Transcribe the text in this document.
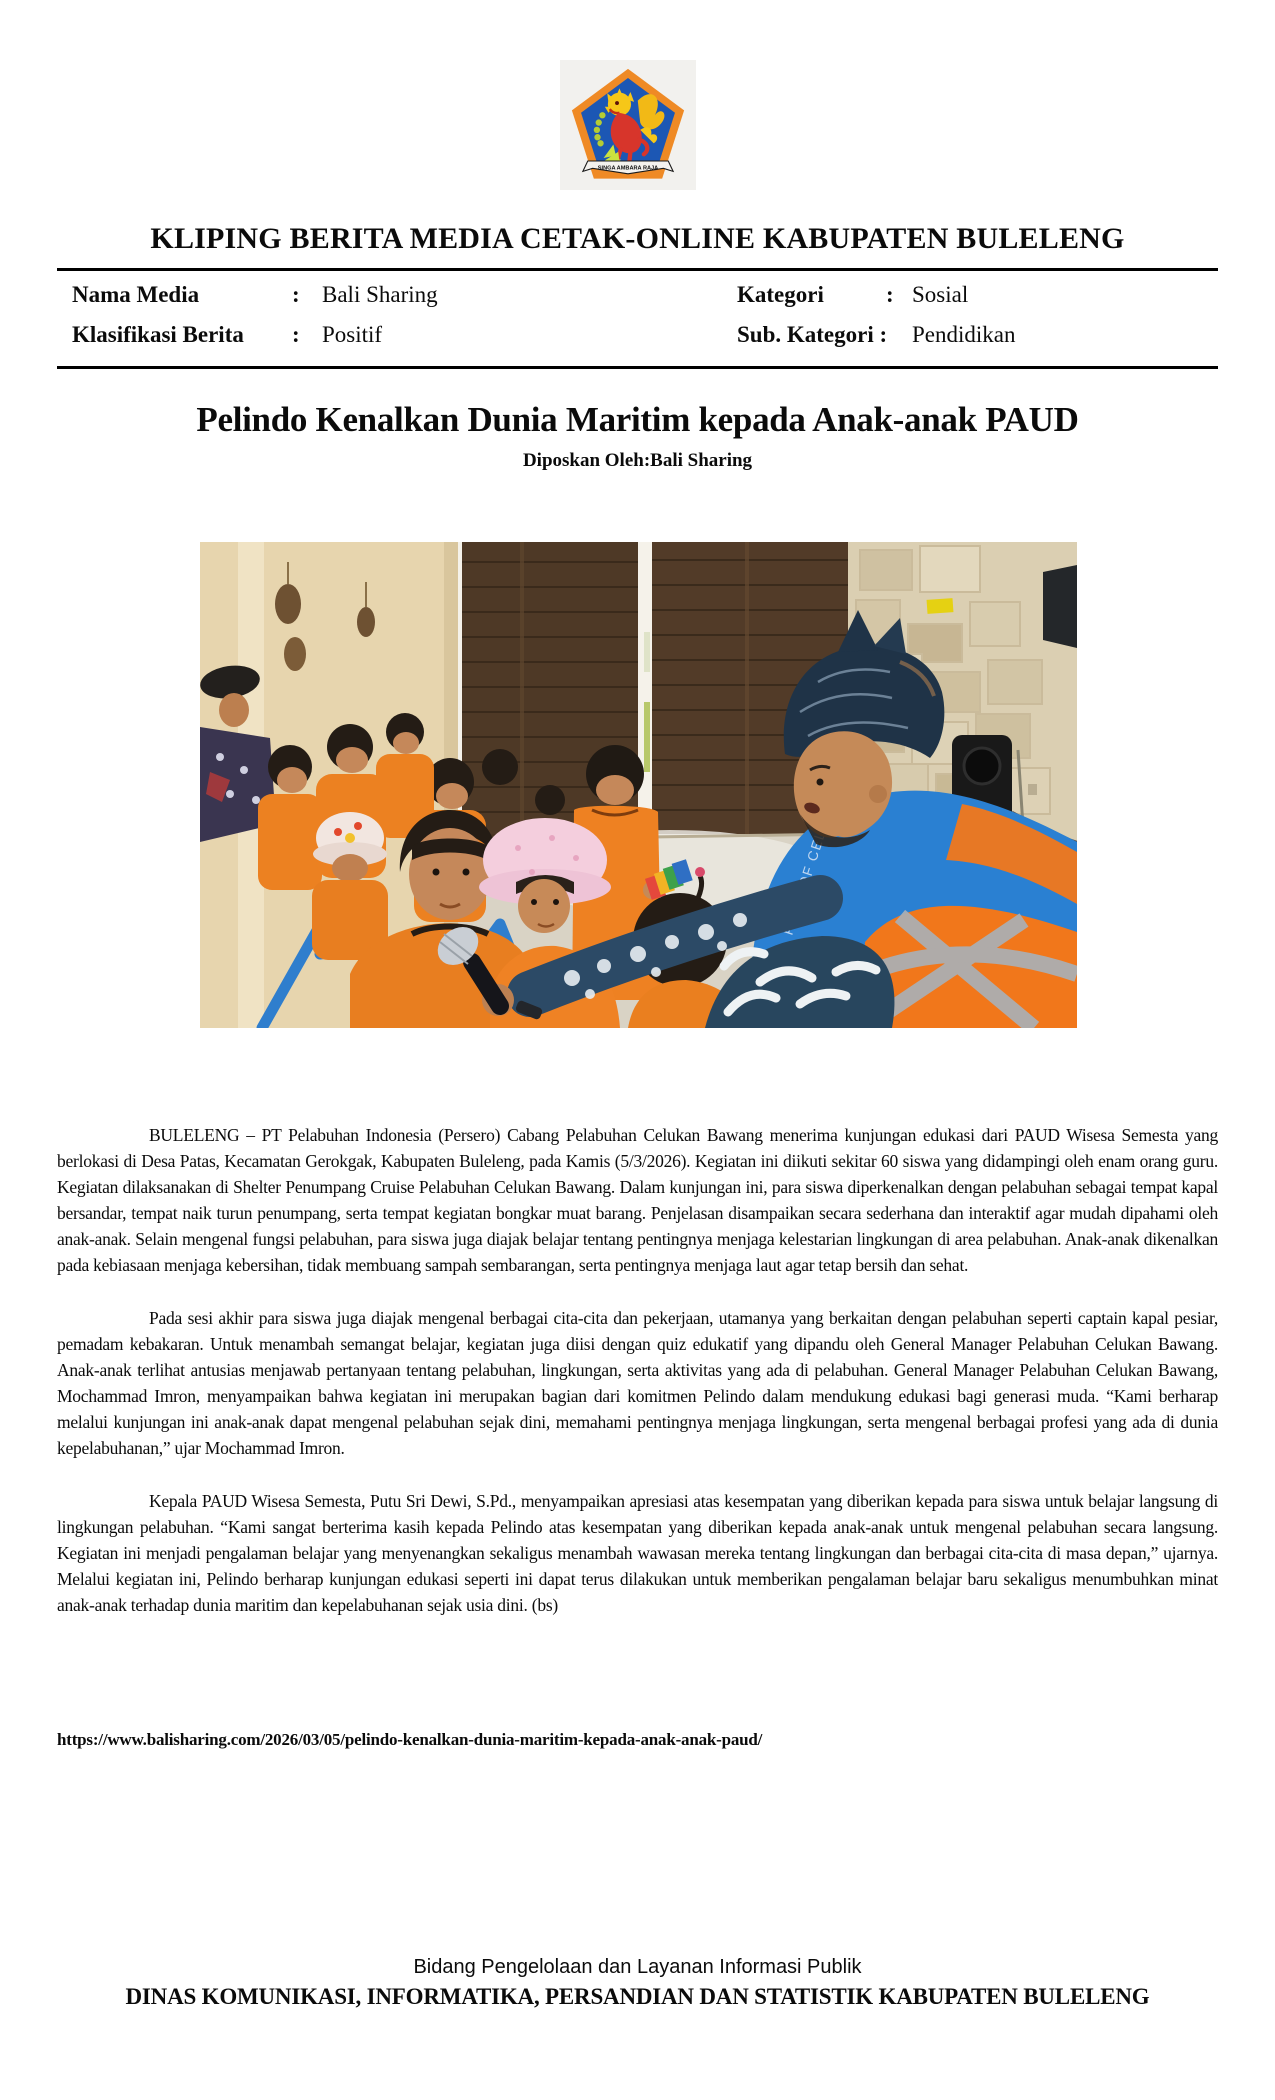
SINGA AMBARA RAJA
KLIPING BERITA MEDIA CETAK-ONLINE KABUPATEN BULELENG
Nama Media	: Bali Sharing	Kategori	: Sosial
Klasifikasi Berita : Positif	Sub. Kategori : Pendidikan
Pelindo Kenalkan Dunia Maritim kepada Anak-anak PAUD
Diposkan Oleh:Bali Sharing
PORT OF

BULELENG – PT Pelabuhan Indonesia (Persero) Cabang Pelabuhan Celukan Bawang menerima kunjungan edukasi dari PAUD Wisesa Semesta yang berlokasi di Desa Patas, Kecamatan Gerokgak, Kabupaten Buleleng, pada Kamis (5/3/2026). Kegiatan ini diikuti sekitar 60 siswa yang didampingi oleh enam orang guru. Kegiatan dilaksanakan di Shelter Penumpang Cruise Pelabuhan Celukan Bawang. Dalam kunjungan ini, para siswa diperkenalkan dengan pelabuhan sebagai tempat kapal bersandar, tempat naik turun penumpang, serta tempat kegiatan bongkar muat barang. Penjelasan disampaikan secara sederhana dan interaktif agar mudah dipahami oleh anak-anak. Selain mengenal fungsi pelabuhan, para siswa juga diajak belajar tentang pentingnya menjaga kelestarian lingkungan di area pelabuhan. Anak-anak dikenalkan pada kebiasaan menjaga kebersihan, tidak membuang sampah sembarangan, serta pentingnya menjaga laut agar tetap bersih dan sehat.

Pada sesi akhir para siswa juga diajak mengenal berbagai cita-cita dan pekerjaan, utamanya yang berkaitan dengan pelabuhan seperti captain kapal pesiar, pemadam kebakaran. Untuk menambah semangat belajar, kegiatan juga diisi dengan quiz edukatif yang dipandu oleh General Manager Pelabuhan Celukan Bawang. Anak-anak terlihat antusias menjawab pertanyaan tentang pelabuhan, lingkungan, serta aktivitas yang ada di pelabuhan. General Manager Pelabuhan Celukan Bawang, Mochammad Imron, menyampaikan bahwa kegiatan ini merupakan bagian dari komitmen Pelindo dalam mendukung edukasi bagi generasi muda. “Kami berharap melalui kunjungan ini anak-anak dapat mengenal pelabuhan sejak dini, memahami pentingnya menjaga lingkungan, serta mengenal berbagai profesi yang ada di dunia kepelabuhanan,” ujar Mochammad Imron.

Kepala PAUD Wisesa Semesta, Putu Sri Dewi, S.Pd., menyampaikan apresiasi atas kesempatan yang diberikan kepada para siswa untuk belajar langsung di lingkungan pelabuhan. “Kami sangat berterima kasih kepada Pelindo atas kesempatan yang diberikan kepada anak-anak untuk mengenal pelabuhan secara langsung. Kegiatan ini menjadi pengalaman belajar yang menyenangkan sekaligus menambah wawasan mereka tentang lingkungan dan berbagai cita-cita di masa depan,” ujarnya. Melalui kegiatan ini, Pelindo berharap kunjungan edukasi seperti ini dapat terus dilakukan untuk memberikan pengalaman belajar baru sekaligus menumbuhkan minat anak-anak terhadap dunia maritim dan kepelabuhanan sejak usia dini. (bs)

https://www.balisharing.com/2026/03/05/pelindo-kenalkan-dunia-maritim-kepada-anak-anak-paud/
Bidang Pengelolaan dan Layanan Informasi Publik
DINAS KOMUNIKASI, INFORMATIKA, PERSANDIAN DAN STATISTIK KABUPATEN BULELENG
